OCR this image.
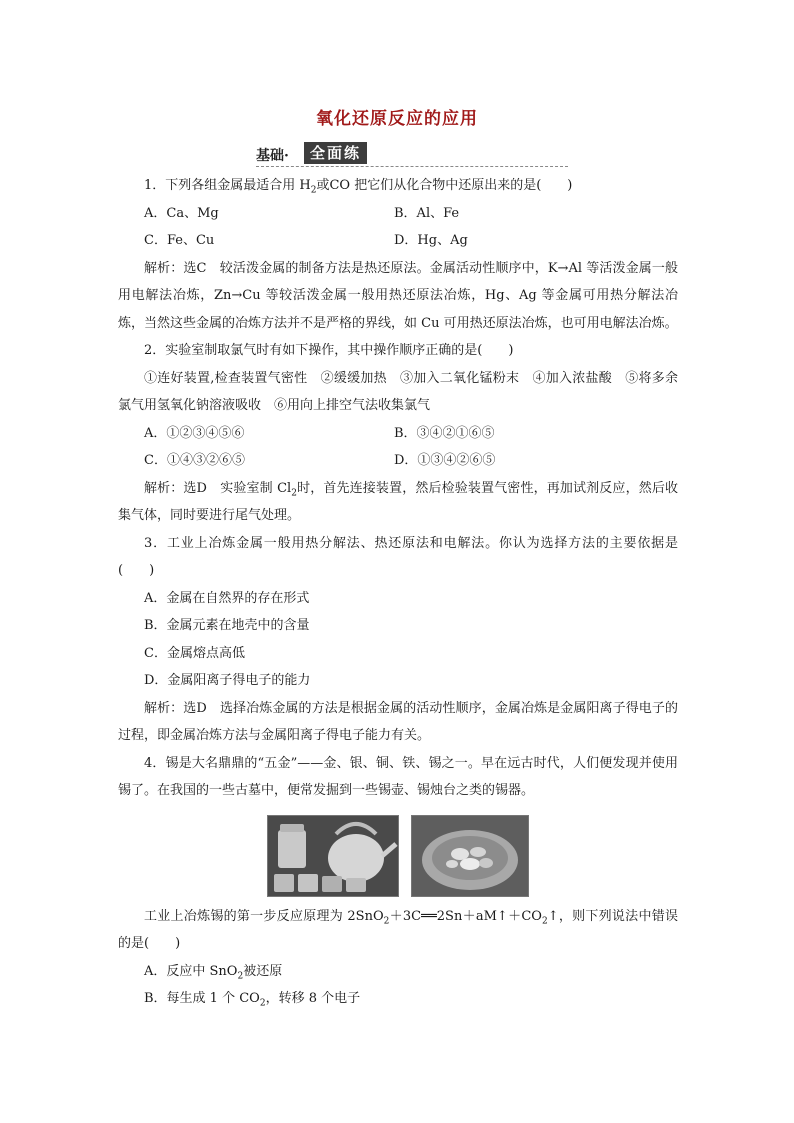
氧化还原反应的应用
基础·	全面练
1．下列各组金属最适合用 $H_2$或CO 把它们从化合物中还原出来的是(　　)
A．Ca、Mg	B．Al、Fe
C．Fe、Cu	D．Hg、Ag
解析：选C　较活泼金属的制备方法是热还原法。金属活动性顺序中，K→Al 等活泼金属一般用电解法冶炼，Zn→Cu 等较活泼金属一般用热还原法冶炼，Hg、Ag 等金属可用热分解法冶炼，当然这些金属的冶炼方法并不是严格的界线，如 Cu 可用热还原法冶炼，也可用电解法冶炼。
2．实验室制取氯气时有如下操作，其中操作顺序正确的是(　　)
①连好装置,检查装置气密性　②缓缓加热　③加入二氧化锰粉末　④加入浓盐酸　⑤将多余氯气用氢氧化钠溶液吸收　⑥用向上排空气法收集氯气
A．①②③④⑤⑥	B．③④②①⑥⑤
C．①④③②⑥⑤	D．①③④②⑥⑤
解析：选D　实验室制 $Cl_2$时，首先连接装置，然后检验装置气密性，再加试剂反应，然后收集气体，同时要进行尾气处理。
3．工业上冶炼金属一般用热分解法、热还原法和电解法。你认为选择方法的主要依据是(　　)
A．金属在自然界的存在形式
B．金属元素在地壳中的含量
C．金属熔点高低
D．金属阳离子得电子的能力
解析：选D　选择冶炼金属的方法是根据金属的活动性顺序，金属冶炼是金属阳离子得电子的过程，即金属冶炼方法与金属阳离子得电子能力有关。
4．锡是大名鼎鼎的“五金”——金、银、铜、铁、锡之一。早在远古时代，人们便发现并使用锡了。在我国的一些古墓中，便常发掘到一些锡壶、锡烛台之类的锡器。
工业上冶炼锡的第一步反应原理为 $2SnO_2+3C══2Sn+aM↑+CO_2↑$，则下列说法中错误的是(　　)
A．反应中 SnO$_2$被还原
B．每生成 1 个 $CO_2$，转移 8 个电子
